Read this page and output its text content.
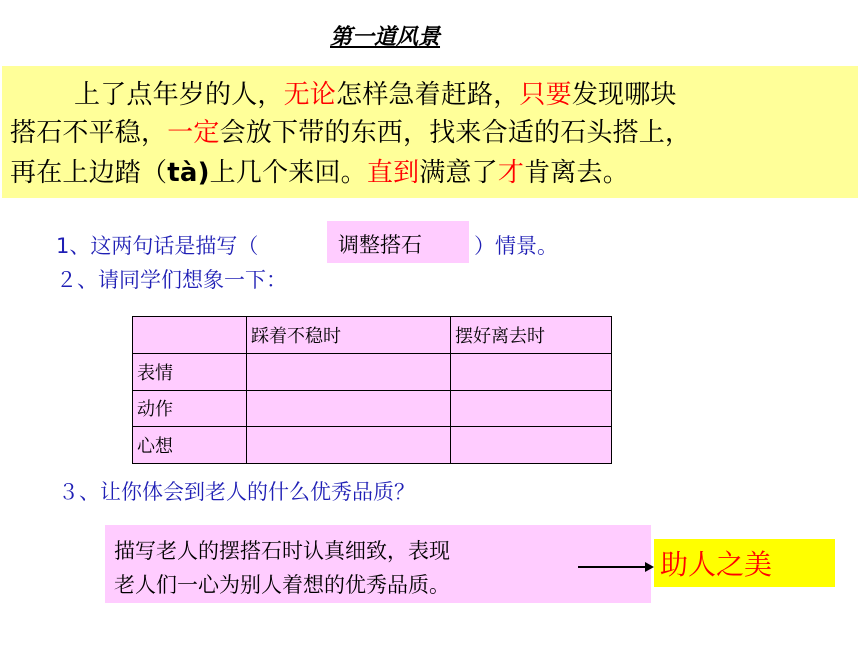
第一道风景
上了点年岁的人，无论怎样急着赶路，只要发现哪块
搭石不平稳，一定会放下带的东西，找来合适的石头搭上，
再在上边踏（tà)上几个来回。直到满意了才肯离去。
1、这两句话是描写（	调整搭石 ）情景。
２、请同学们想象一下：
	踩着不稳时	摆好离去时
表情		
动作		
心想		
３、让你体会到老人的什么优秀品质？
描写老人的摆搭石时认真细致，表现
老人们一心为别人着想的优秀品质。
助人之美
